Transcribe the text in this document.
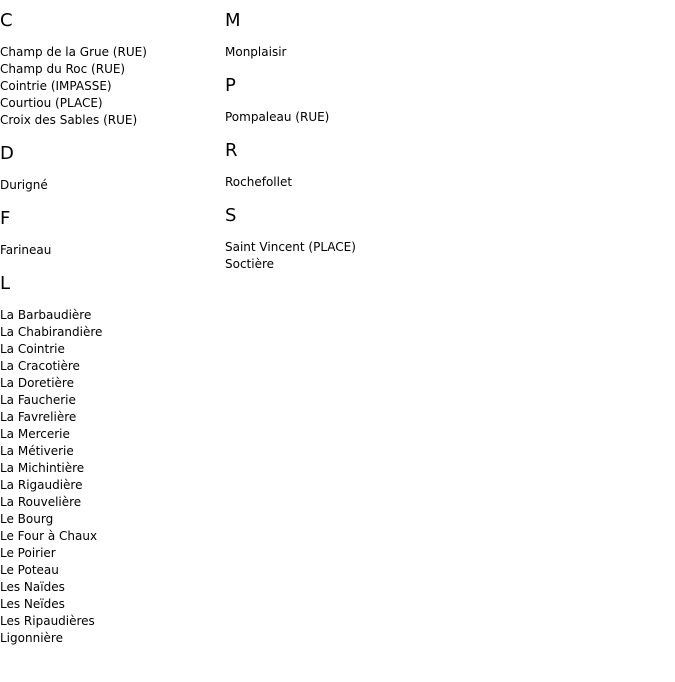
C
Champ de la Grue (RUE)
Champ du Roc (RUE)
Cointrie (IMPASSE)
Courtiou (PLACE)
Croix des Sables (RUE)
D
Durigné
F
Farineau
L
La Barbaudière
La Chabirandière
La Cointrie
La Cracotière
La Doretière
La Faucherie
La Favrelière
La Mercerie
La Métiverie
La Michintière
La Rigaudière
La Rouvelière
Le Bourg
Le Four à Chaux
Le Poirier
Le Poteau
Les Naïdes
Les Neïdes
Les Ripaudières
Ligonnière
M
Monplaisir
P
Pompaleau (RUE)
R
Rochefollet
S
Saint Vincent (PLACE)
Soctière
